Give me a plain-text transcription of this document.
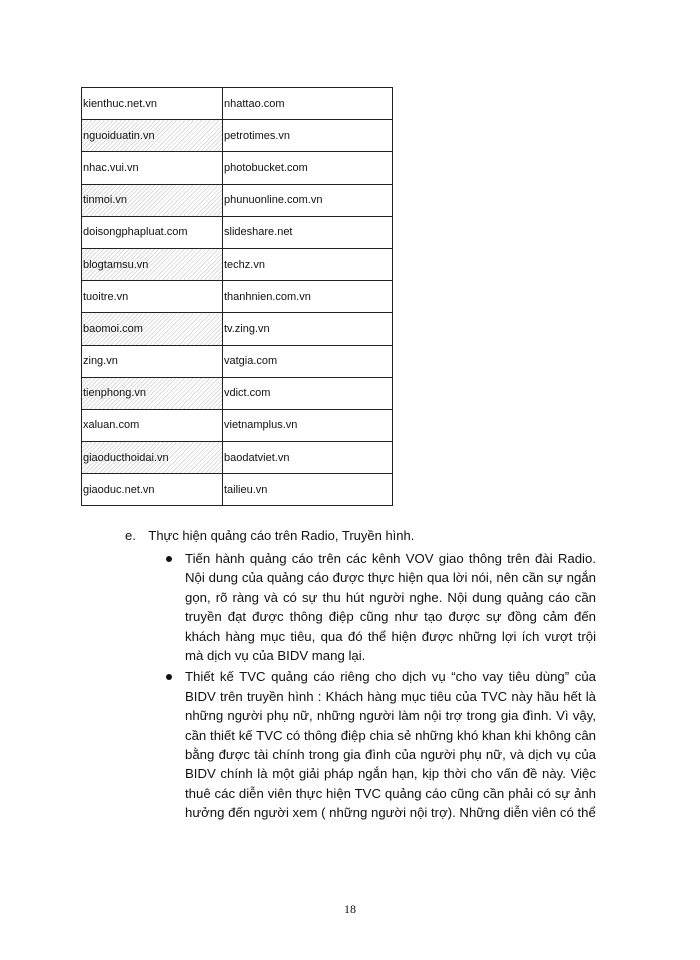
kienthuc.net.vn	nhattao.com
nguoiduatin.vn	petrotimes.vn
nhac.vui.vn	photobucket.com
tinmoi.vn	phunuonline.com.vn
doisongphapluat.com	slideshare.net
blogtamsu.vn	techz.vn
tuoitre.vn	thanhnien.com.vn
baomoi.com	tv.zing.vn
zing.vn	vatgia.com
tienphong.vn	vdict.com
xaluan.com	vietnamplus.vn
giaoducthoidai.vn	baodatviet.vn
giaoduc.net.vn	tailieu.vn
e. Thực hiện quảng cáo trên Radio, Truyền hình.
Tiến hành quảng cáo trên các kênh VOV giao thông trên đài Radio. Nội dung của quảng cáo được thực hiện qua lời nói, nên cần sự ngắn gọn, rõ ràng và có sự thu hút người nghe. Nội dung quảng cáo cần truyền đạt được thông điệp cũng như tạo được sự đồng cảm đến khách hàng mục tiêu, qua đó thể hiện được những lợi ích vượt trội mà dịch vụ của BIDV mang lại.
Thiết kế TVC quảng cáo riêng cho dịch vụ “cho vay tiêu dùng” của BIDV trên truyền hình : Khách hàng mục tiêu của TVC này hầu hết là những người phụ nữ, những người làm nội trợ trong gia đình. Vì vậy, cần thiết kế TVC có thông điệp chia sẻ những khó khan khi không cân bằng được tài chính trong gia đình của người phụ nữ, và dịch vụ của BIDV chính là một giải pháp ngắn hạn, kịp thời cho vấn đề này. Việc thuê các diễn viên thực hiện TVC quảng cáo cũng cần phải có sự ảnh hưởng đến người xem ( những người nội trợ). Những diễn viên có thể
18
